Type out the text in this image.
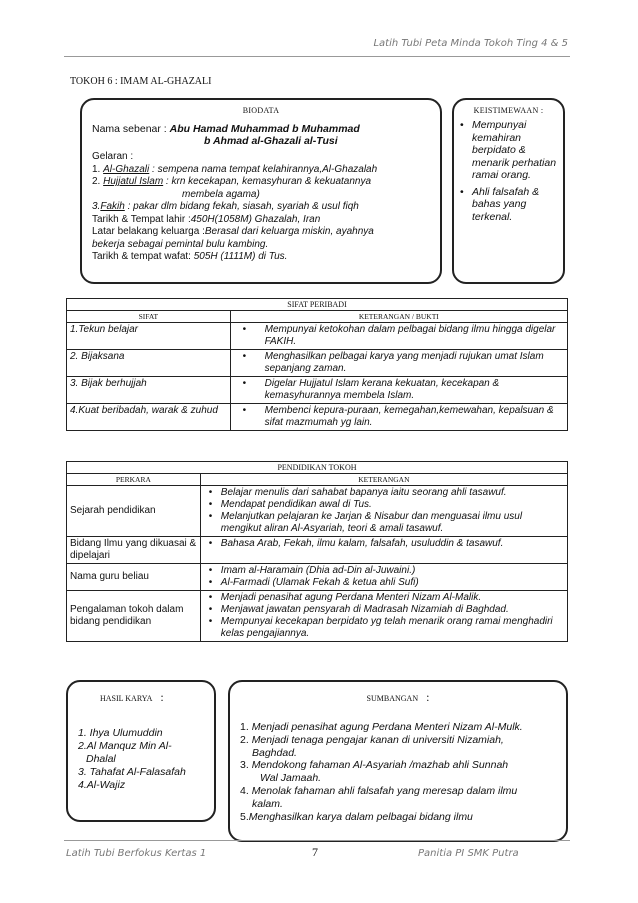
Latih Tubi Peta Minda Tokoh Ting 4 & 5
TOKOH 6 : IMAM AL-GHAZALI
BIODATA
Nama sebenar : Abu Hamad Muhammad b Muhammad
b Ahmad al-Ghazali al-Tusi
Gelaran :
1. Al-Ghazali : sempena nama tempat kelahirannya,Al-Ghazalah
2. Hujjatul Islam : krn kecekapan, kemasyhuran & kekuatannya
membela agama)
3.Fakih : pakar dlm bidang fekah, siasah, syariah & usul fiqh
Tarikh & Tempat lahir :450H(1058M) Ghazalah, Iran
Latar belakang keluarga :Berasal dari keluarga miskin, ayahnya
bekerja sebagai pemintal bulu kambing.
Tarikh & tempat wafat: 505H (1111M) di Tus.
KEISTIMEWAAN :
• Mempunyai kemahiran berpidato & menarik perhatian ramai orang.
• Ahli falsafah & bahas yang terkenal.
SIFAT PERIBADI	
SIFAT	KETERANGAN / BUKTI
1.Tekun belajar	• Mempunyai ketokohan dalam pelbagai bidang ilmu hingga digelar FAKIH.

2. Bijaksana	• Menghasilkan pelbagai karya yang menjadi rujukan umat Islam sepanjang zaman.

3. Bijak berhujjah	• Digelar Hujjatul Islam kerana kekuatan, kecekapan & kemasyhurannya membela Islam.

4.Kuat beribadah, warak & zuhud	• Membenci kepura-puraan, kemegahan,kemewahan, kepalsuan & sifat mazmumah yg lain.
PENDIDIKAN TOKOH	
PERKARA	KETERANGAN
Sejarah pendidikan	• Belajar menulis dari sahabat bapanya iaitu seorang ahli tasawuf.
• Mendapat pendidikan awal di Tus.
• Melanjutkan pelajaran ke Jarjan & Nisabur dan menguasai ilmu usul mengikut aliran Al-Asyariah, teori & amali tasawuf.

Bidang Ilmu yang dikuasai & dipelajari	• Bahasa Arab, Fekah, ilmu kalam, falsafah, usuluddin & tasawuf.

Nama guru beliau	• Imam al-Haramain (Dhia ad-Din al-Juwaini.)
• Al-Farmadi (Ulamak Fekah & ketua ahli Sufi)

Pengalaman tokoh dalam bidang pendidikan	• Menjadi penasihat agung Perdana Menteri Nizam Al-Malik.
• Menjawat jawatan pensyarah di Madrasah Nizamiah di Baghdad.
• Mempunyai kecekapan berpidato yg telah menarik orang ramai menghadiri kelas pengajiannya.
HASIL KARYA :
1. Ihya Ulumuddin
2.Al Manquz Min Al-
Dhalal
3. Tahafat Al-Falasafah
4.Al-Wajiz
SUMBANGAN :
1. Menjadi penasihat agung Perdana Menteri Nizam Al-Mulk.
2. Menjadi tenaga pengajar kanan di universiti Nizamiah,
Baghdad.
3. Mendokong fahaman Al-Asyariah /mazhab ahli Sunnah
Wal Jamaah.
4. Menolak fahaman ahli falsafah yang meresap dalam ilmu
kalam.
5.Menghasilkan karya dalam pelbagai bidang ilmu
Latih Tubi Berfokus Kertas 1	7	Panitia PI SMK Putra
